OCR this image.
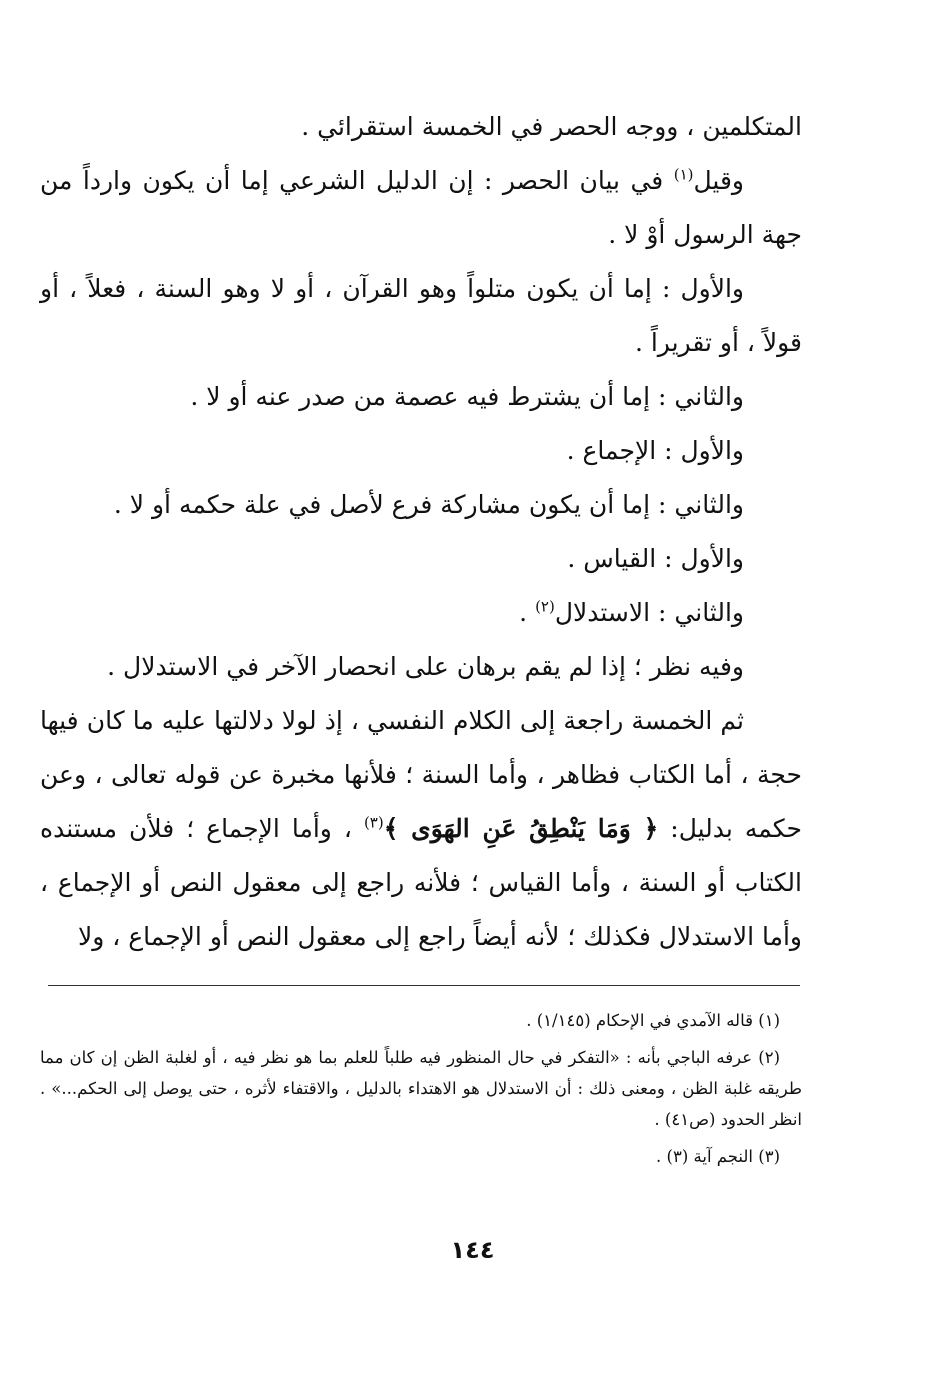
المتكلمين ، ووجه الحصر في الخمسة استقرائي .

وقيل$^{(١)}$ في بيان الحصر : إن الدليل الشرعي إما أن يكون وارداً من جهة الرسول أوْ لا .

والأول : إما أن يكون متلواً وهو القرآن ، أو لا وهو السنة ، فعلاً ، أو قولاً ، أو تقريراً .

والثاني : إما أن يشترط فيه عصمة من صدر عنه أو لا .

والأول : الإجماع .

والثاني : إما أن يكون مشاركة فرع لأصل في علة حكمه أو لا .

والأول : القياس .

والثاني : الاستدلال$^{(٢)}$ .

وفيه نظر ؛ إذا لم يقم برهان على انحصار الآخر في الاستدلال .

ثم الخمسة راجعة إلى الكلام النفسي ، إذ لولا دلالتها عليه ما كان فيها حجة ، أما الكتاب فظاهر ، وأما السنة ؛ فلأنها مخبرة عن قوله تعالى ، وعن حكمه بدليل: ﴿ وَمَا يَنْطِقُ عَنِ الهَوَى ﴾$^{(٣)}$ ، وأما الإجماع ؛ فلأن مستنده الكتاب أو السنة ، وأما القياس ؛ فلأنه راجع إلى معقول النص أو الإجماع ، وأما الاستدلال فكذلك ؛ لأنه أيضاً راجع إلى معقول النص أو الإجماع ، ولا

(١) قاله الآمدي في الإحكام (١/١٤٥) .

(٢) عرفه الباجي بأنه : «التفكر في حال المنظور فيه طلباً للعلم بما هو نظر فيه ، أو لغلبة الظن إن كان مما طريقه غلبة الظن ، ومعنى ذلك : أن الاستدلال هو الاهتداء بالدليل ، والاقتفاء لأثره ، حتى يوصل إلى الحكم...» . انظر الحدود (ص٤١) .

(٣) النجم آية (٣) .

١٤٤
